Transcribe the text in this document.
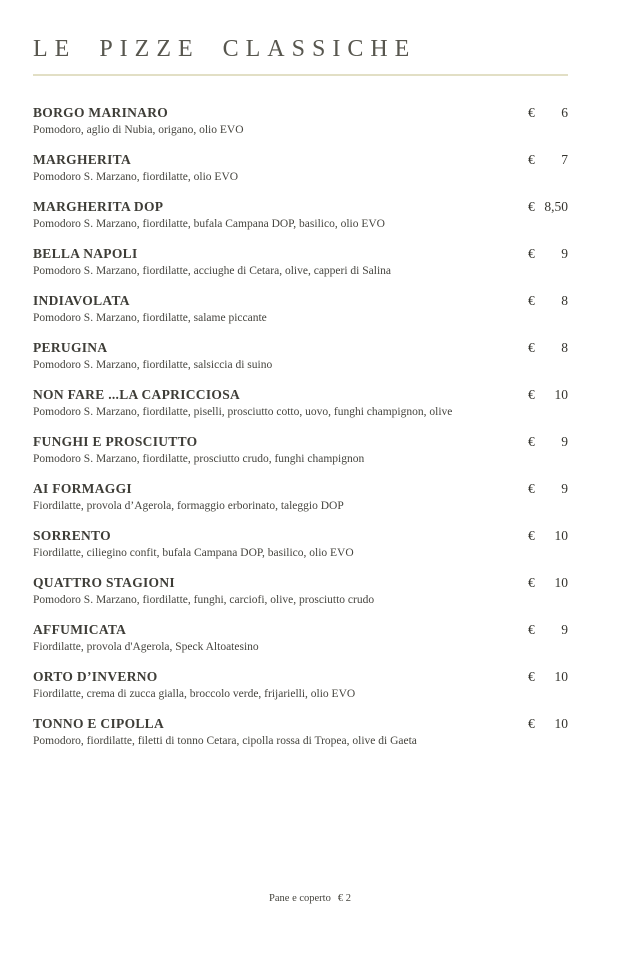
LE PIZZE CLASSICHE
BORGO MARINARO	€ 6
Pomodoro, aglio di Nubia, origano, olio EVO
MARGHERITA	€ 7
Pomodoro S. Marzano, fiordilatte, olio EVO
MARGHERITA DOP	€ 8,50
Pomodoro S. Marzano, fiordilatte, bufala Campana DOP, basilico, olio EVO
BELLA NAPOLI	€ 9
Pomodoro S. Marzano, fiordilatte, acciughe di Cetara, olive, capperi di Salina
INDIAVOLATA	€ 8
Pomodoro S. Marzano, fiordilatte, salame piccante
PERUGINA	€ 8
Pomodoro S. Marzano, fiordilatte, salsiccia di suino
NON FARE ...LA CAPRICCIOSA	€ 10
Pomodoro S. Marzano, fiordilatte, piselli, prosciutto cotto, uovo, funghi champignon, olive
FUNGHI E PROSCIUTTO	€ 9
Pomodoro S. Marzano, fiordilatte, prosciutto crudo, funghi champignon
AI FORMAGGI	€ 9
Fiordilatte, provola d’Agerola, formaggio erborinato, taleggio DOP
SORRENTO	€ 10
Fiordilatte, ciliegino confit, bufala Campana DOP, basilico, olio EVO
QUATTRO STAGIONI	€ 10
Pomodoro S. Marzano, fiordilatte, funghi, carciofi, olive, prosciutto crudo
AFFUMICATA	€ 9
Fiordilatte, provola d'Agerola, Speck Altoatesino
ORTO D’INVERNO	€ 10
Fiordilatte, crema di zucca gialla, broccolo verde, frijarielli, olio EVO
TONNO E CIPOLLA	€ 10
Pomodoro, fiordilatte, filetti di tonno Cetara, cipolla rossa di Tropea, olive di Gaeta
Pane e coperto € 2
